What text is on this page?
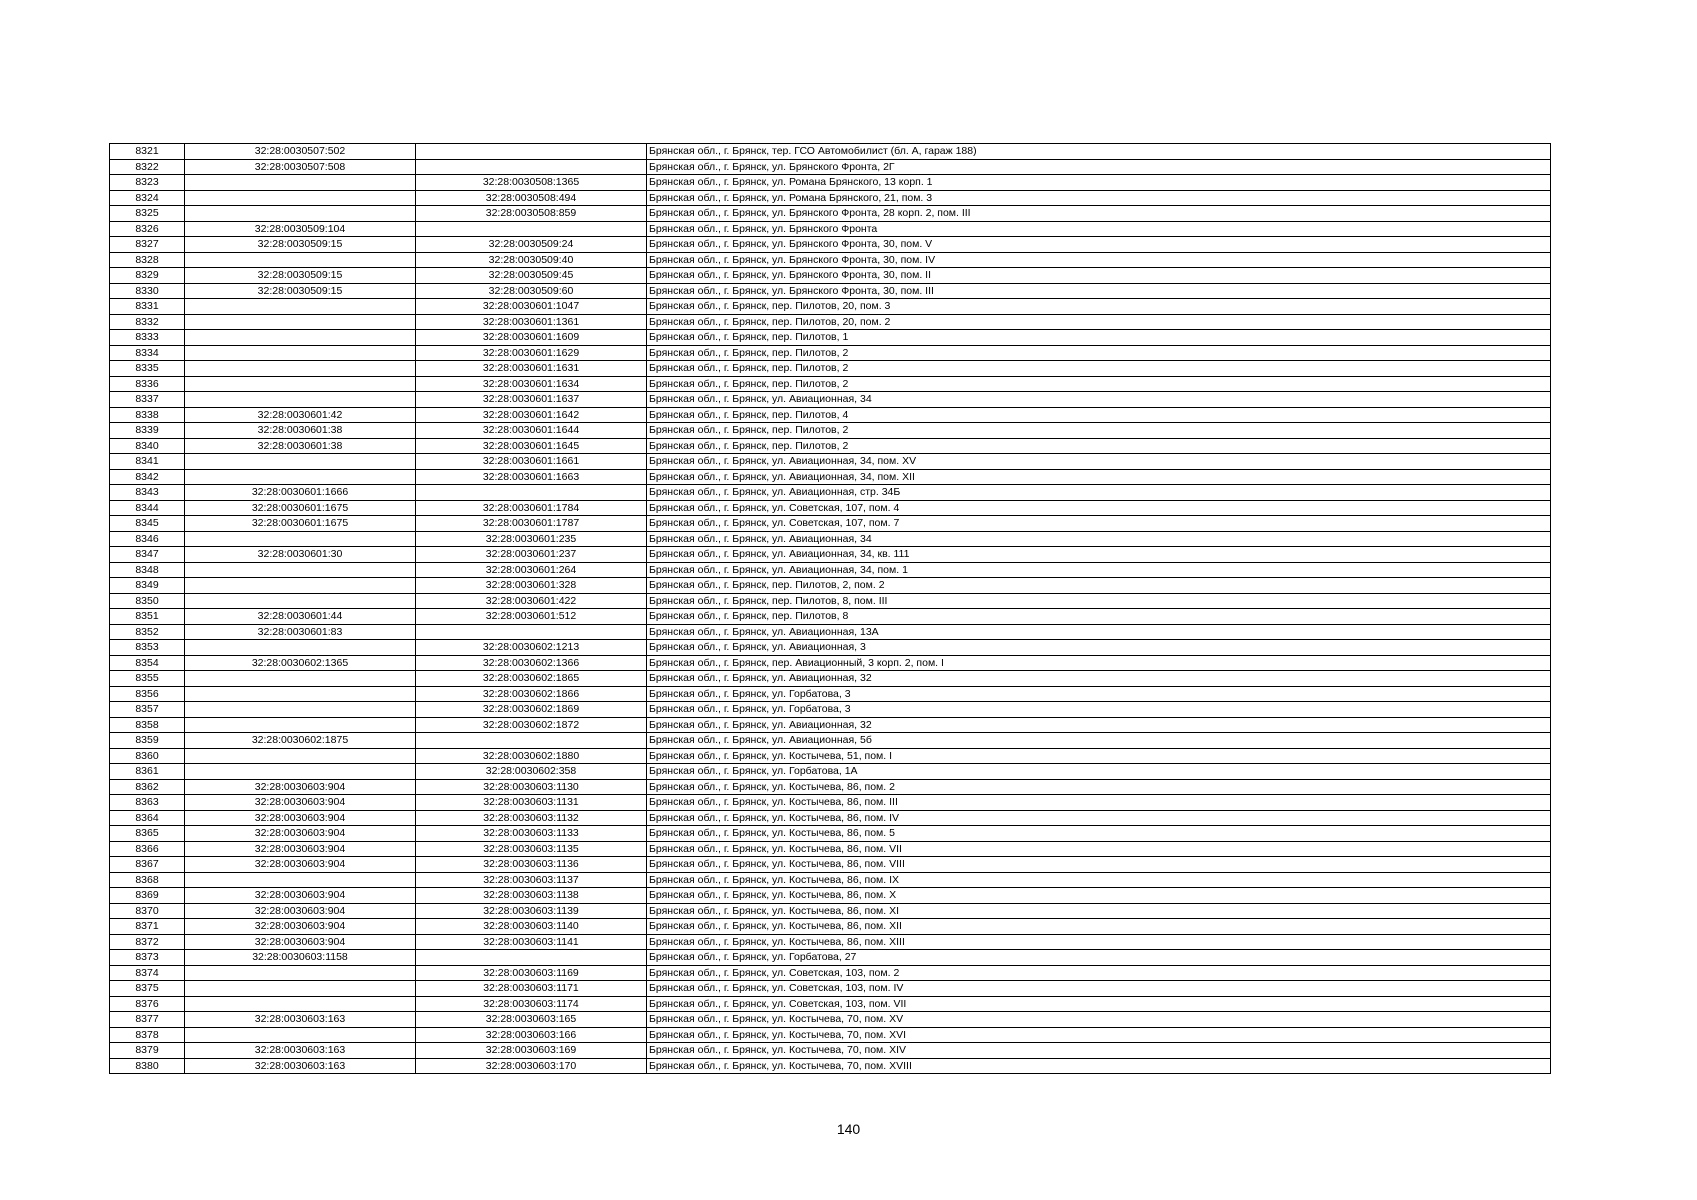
8321	32:28:0030507:502		Брянская обл., г. Брянск, тер. ГСО Автомобилист (бл. А, гараж 188)
8322	32:28:0030507:508		Брянская обл., г. Брянск, ул. Брянского Фронта, 2Г
8323		32:28:0030508:1365	Брянская обл., г. Брянск, ул. Романа Брянского, 13 корп. 1
8324		32:28:0030508:494	Брянская обл., г. Брянск, ул. Романа Брянского, 21, пом. 3
8325		32:28:0030508:859	Брянская обл., г. Брянск, ул. Брянского Фронта, 28 корп. 2, пом. III
8326	32:28:0030509:104		Брянская обл., г. Брянск, ул. Брянского Фронта
8327	32:28:0030509:15	32:28:0030509:24	Брянская обл., г. Брянск, ул. Брянского Фронта, 30, пом. V
8328		32:28:0030509:40	Брянская обл., г. Брянск, ул. Брянского Фронта, 30, пом. IV
8329	32:28:0030509:15	32:28:0030509:45	Брянская обл., г. Брянск, ул. Брянского Фронта, 30, пом. II
8330	32:28:0030509:15	32:28:0030509:60	Брянская обл., г. Брянск, ул. Брянского Фронта, 30, пом. III
8331		32:28:0030601:1047	Брянская обл., г. Брянск, пер. Пилотов, 20, пом. 3
8332		32:28:0030601:1361	Брянская обл., г. Брянск, пер. Пилотов, 20, пом. 2
8333		32:28:0030601:1609	Брянская обл., г. Брянск, пер. Пилотов, 1
8334		32:28:0030601:1629	Брянская обл., г. Брянск, пер. Пилотов, 2
8335		32:28:0030601:1631	Брянская обл., г. Брянск, пер. Пилотов, 2
8336		32:28:0030601:1634	Брянская обл., г. Брянск, пер. Пилотов, 2
8337		32:28:0030601:1637	Брянская обл., г. Брянск, ул. Авиационная, 34
8338	32:28:0030601:42	32:28:0030601:1642	Брянская обл., г. Брянск, пер. Пилотов, 4
8339	32:28:0030601:38	32:28:0030601:1644	Брянская обл., г. Брянск, пер. Пилотов, 2
8340	32:28:0030601:38	32:28:0030601:1645	Брянская обл., г. Брянск, пер. Пилотов, 2
8341		32:28:0030601:1661	Брянская обл., г. Брянск, ул. Авиационная, 34, пом. XV
8342		32:28:0030601:1663	Брянская обл., г. Брянск, ул. Авиационная, 34, пом. XII
8343	32:28:0030601:1666		Брянская обл., г. Брянск, ул. Авиационная, стр. 34Б
8344	32:28:0030601:1675	32:28:0030601:1784	Брянская обл., г. Брянск, ул. Советская, 107, пом. 4
8345	32:28:0030601:1675	32:28:0030601:1787	Брянская обл., г. Брянск, ул. Советская, 107, пом. 7
8346		32:28:0030601:235	Брянская обл., г. Брянск, ул. Авиационная, 34
8347	32:28:0030601:30	32:28:0030601:237	Брянская обл., г. Брянск, ул. Авиационная, 34, кв. 111
8348		32:28:0030601:264	Брянская обл., г. Брянск, ул. Авиационная, 34, пом. 1
8349		32:28:0030601:328	Брянская обл., г. Брянск, пер. Пилотов, 2, пом. 2
8350		32:28:0030601:422	Брянская обл., г. Брянск, пер. Пилотов, 8, пом. III
8351	32:28:0030601:44	32:28:0030601:512	Брянская обл., г. Брянск, пер. Пилотов, 8
8352	32:28:0030601:83		Брянская обл., г. Брянск, ул. Авиационная, 13А
8353		32:28:0030602:1213	Брянская обл., г. Брянск, ул. Авиационная, 3
8354	32:28:0030602:1365	32:28:0030602:1366	Брянская обл., г. Брянск, пер. Авиационный, 3 корп. 2, пом. I
8355		32:28:0030602:1865	Брянская обл., г. Брянск, ул. Авиационная, 32
8356		32:28:0030602:1866	Брянская обл., г. Брянск, ул. Горбатова, 3
8357		32:28:0030602:1869	Брянская обл., г. Брянск, ул. Горбатова, 3
8358		32:28:0030602:1872	Брянская обл., г. Брянск, ул. Авиационная, 32
8359	32:28:0030602:1875		Брянская обл., г. Брянск, ул. Авиационная, 5б
8360		32:28:0030602:1880	Брянская обл., г. Брянск, ул. Костычева, 51, пом. I
8361		32:28:0030602:358	Брянская обл., г. Брянск, ул. Горбатова, 1А
8362	32:28:0030603:904	32:28:0030603:1130	Брянская обл., г. Брянск, ул. Костычева, 86, пом. 2
8363	32:28:0030603:904	32:28:0030603:1131	Брянская обл., г. Брянск, ул. Костычева, 86, пом. III
8364	32:28:0030603:904	32:28:0030603:1132	Брянская обл., г. Брянск, ул. Костычева, 86, пом. IV
8365	32:28:0030603:904	32:28:0030603:1133	Брянская обл., г. Брянск, ул. Костычева, 86, пом. 5
8366	32:28:0030603:904	32:28:0030603:1135	Брянская обл., г. Брянск, ул. Костычева, 86, пом. VII
8367	32:28:0030603:904	32:28:0030603:1136	Брянская обл., г. Брянск, ул. Костычева, 86, пом. VIII
8368		32:28:0030603:1137	Брянская обл., г. Брянск, ул. Костычева, 86, пом. IX
8369	32:28:0030603:904	32:28:0030603:1138	Брянская обл., г. Брянск, ул. Костычева, 86, пом. X
8370	32:28:0030603:904	32:28:0030603:1139	Брянская обл., г. Брянск, ул. Костычева, 86, пом. XI
8371	32:28:0030603:904	32:28:0030603:1140	Брянская обл., г. Брянск, ул. Костычева, 86, пом. XII
8372	32:28:0030603:904	32:28:0030603:1141	Брянская обл., г. Брянск, ул. Костычева, 86, пом. XIII
8373	32:28:0030603:1158		Брянская обл., г. Брянск, ул. Горбатова, 27
8374		32:28:0030603:1169	Брянская обл., г. Брянск, ул. Советская, 103, пом. 2
8375		32:28:0030603:1171	Брянская обл., г. Брянск, ул. Советская, 103, пом. IV
8376		32:28:0030603:1174	Брянская обл., г. Брянск, ул. Советская, 103, пом. VII
8377	32:28:0030603:163	32:28:0030603:165	Брянская обл., г. Брянск, ул. Костычева, 70, пом. XV
8378		32:28:0030603:166	Брянская обл., г. Брянск, ул. Костычева, 70, пом. XVI
8379	32:28:0030603:163	32:28:0030603:169	Брянская обл., г. Брянск, ул. Костычева, 70, пом. XIV
8380	32:28:0030603:163	32:28:0030603:170	Брянская обл., г. Брянск, ул. Костычева, 70, пом. XVIII
140
